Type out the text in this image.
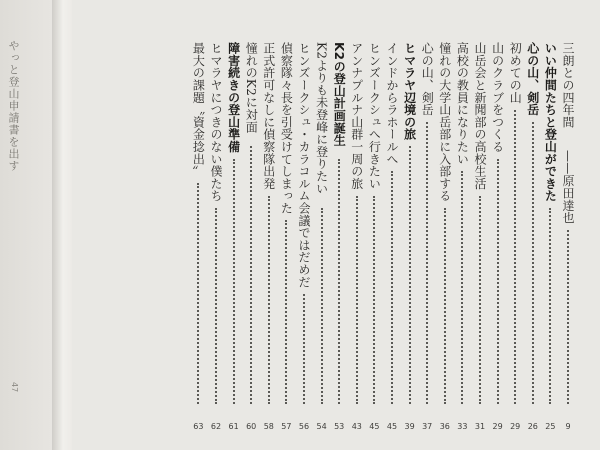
やっと登山申請書を出す
47
三朗との四年間
——原田達也
9
いい仲間たちと登山ができた
25
心の山、剣岳
26
初めての山
29
山のクラブをつくる
29
山岳会と新聞部の高校生活
31
高校の教員になりたい
33
憧れの大学山岳部に入部する
36
心の山、剣岳
37
ヒマラヤ辺境の旅
39
インドからラホールへ
45
ヒンズークシュへ行きたい
45
アンナプルナ山群一周の旅
43
K2の登山計画誕生
53
K2よりも未登峰に登りたい
54
ヒンズークシュ・カラコルム会議ではだめだ
56
偵察隊々長を引受けてしまった
57
正式許可なしに偵察隊出発
58
憧れのK2に対面
60
障害続きの登山準備
61
ヒマラヤにつきのない僕たち
62
最大の課題〝資金捻出〟
63
